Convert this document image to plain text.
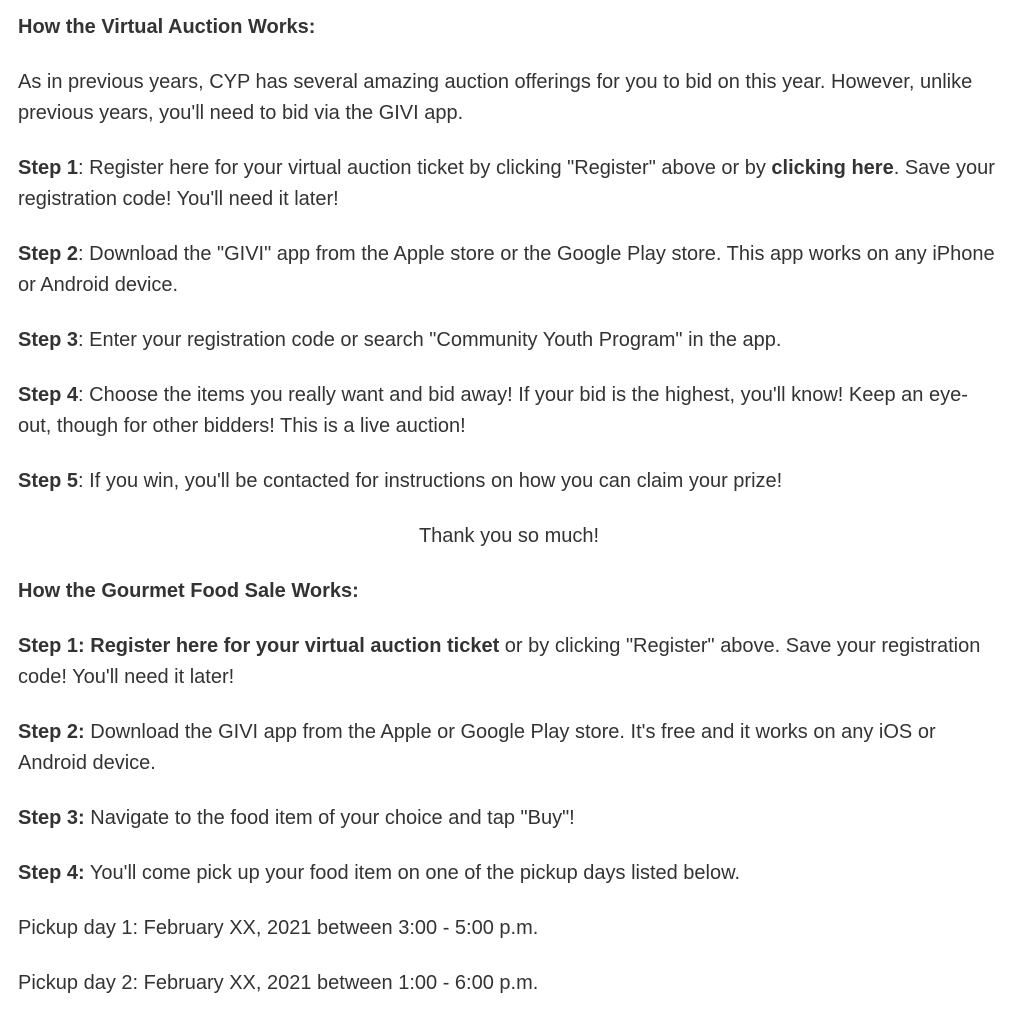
How the Virtual Auction Works:

As in previous years, CYP has several amazing auction offerings for you to bid on this year. However, unlike previous years, you'll need to bid via the GIVI app.

Step 1: Register here for your virtual auction ticket by clicking "Register" above or by clicking here. Save your registration code! You'll need it later!

Step 2: Download the "GIVI" app from the Apple store or the Google Play store. This app works on any iPhone or Android device.

Step 3: Enter your registration code or search "Community Youth Program" in the app.

Step 4: Choose the items you really want and bid away! If your bid is the highest, you'll know! Keep an eye-out, though for other bidders! This is a live auction!

Step 5: If you win, you'll be contacted for instructions on how you can claim your prize!

Thank you so much!

How the Gourmet Food Sale Works:

Step 1: Register here for your virtual auction ticket or by clicking "Register" above. Save your registration code! You'll need it later!

Step 2: Download the GIVI app from the Apple or Google Play store. It's free and it works on any iOS or Android device.

Step 3: Navigate to the food item of your choice and tap "Buy"!

Step 4: You'll come pick up your food item on one of the pickup days listed below.

Pickup day 1: February XX, 2021 between 3:00 - 5:00 p.m.

Pickup day 2: February XX, 2021 between 1:00 - 6:00 p.m.
